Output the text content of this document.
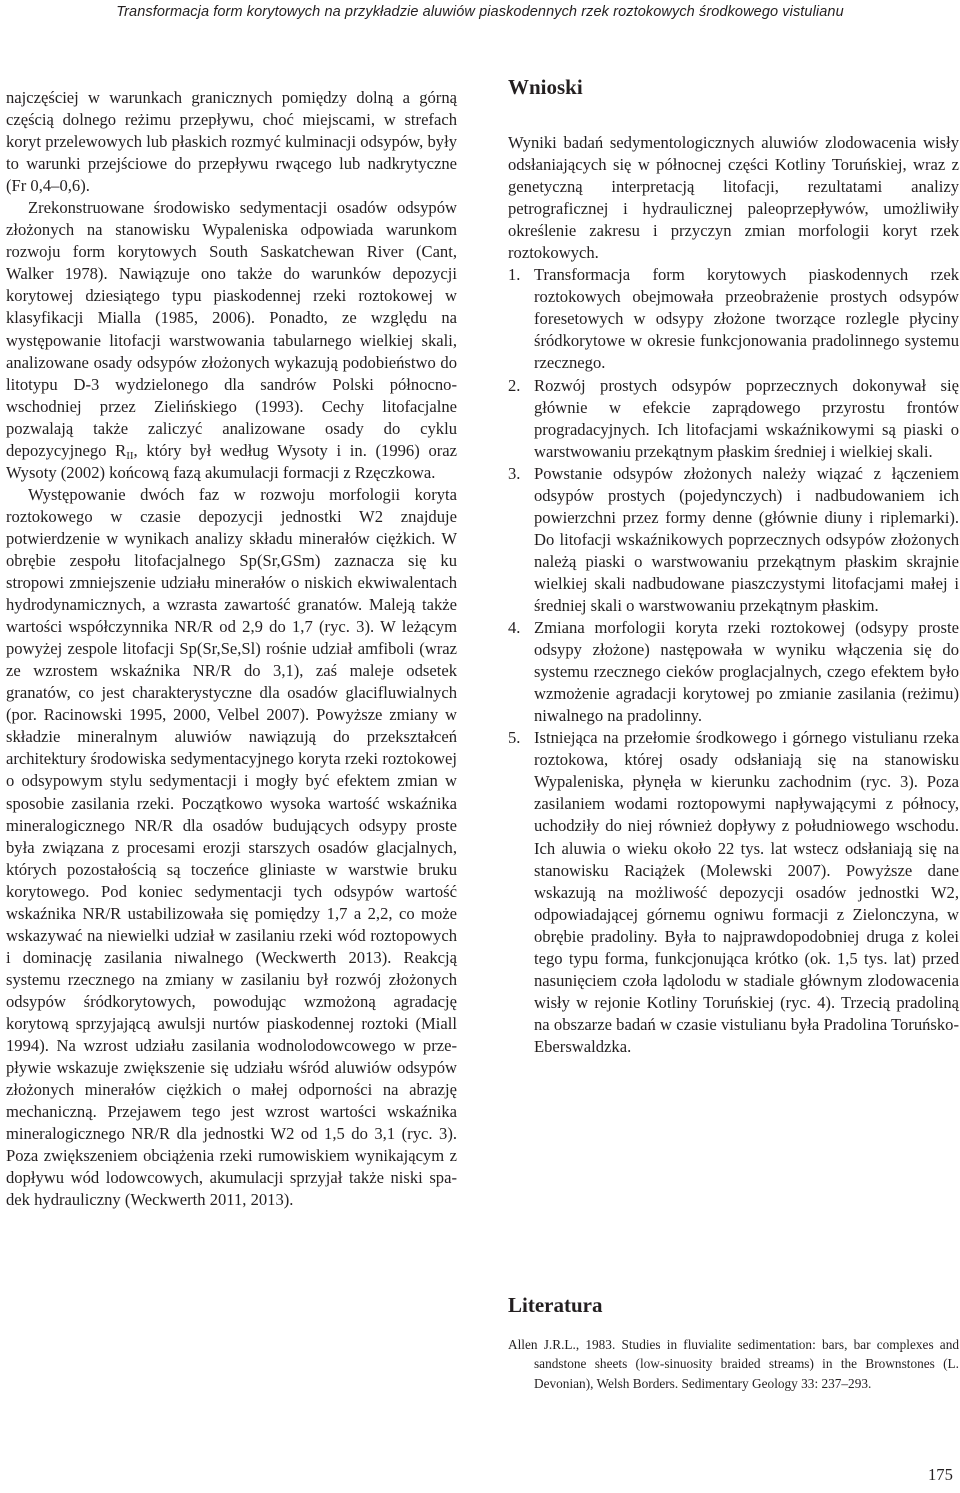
Transformacja form korytowych na przykładzie aluwiów piaskodennych rzek roztokowych środkowego vistulianu

najczęściej w warunkach granicznych pomiędzy dolną a górną częścią dolnego reżimu przepływu, choć miejscami, w strefach koryt przelewowych lub płaskich rozmyć kulminacji odsypów, były to warunki przejściowe do przepływu rwącego lub nadkrytyczne (Fr 0,4–0,6).

Zrekonstruowane środowisko sedymentacji osadów odsypów złożonych na stanowisku Wypaleniska odpowiada warunkom rozwoju form korytowych South Saskatchewan River (Cant, Walker 1978). Nawiązuje ono także do warunków depozycji korytowej dziesiątego typu piaskodennej rzeki roztokowej w klasyfikacji Mialla (1985, 2006). Ponadto, ze względu na występowanie litofacji warstwowania tabularnego wielkiej skali, analizowane osady odsypów złożonych wykazują podobieństwo do litotypu D-3 wydzielonego dla sandrów Polski północno-wschodniej przez Zielińskiego (1993). Cechy litofacjalne pozwalają także zaliczyć analizowane osady do cyklu depozycyjnego $R_{II}$, który był według Wysoty i in. (1996) oraz Wysoty (2002) końcową fazą akumulacji formacji z Rzęczkowa.

Występowanie dwóch faz w rozwoju morfologii koryta roztokowego w czasie depozycji jednostki W2 znajduje potwierdzenie w wynikach analizy składu minerałów ciężkich. W obrębie zespołu litofacjalnego Sp(Sr,GSm) zaznacza się ku stropowi zmniejszenie udziału minerałów o niskich ekwiwalentach hydrodynamicznych, a wzrasta zawartość granatów. Maleją także wartości współczynnika NR/R od 2,9 do 1,7 (ryc. 3). W leżącym powyżej zespole litofacji Sp(Sr,Se,Sl) rośnie udział amfiboli (wraz ze wzrostem wskaźnika NR/R do 3,1), zaś maleje odsetek granatów, co jest charakterystyczne dla osadów glacifluwialnych (por. Racinowski 1995, 2000, Velbel 2007). Powyższe zmiany w składzie mineralnym aluwiów nawiązują do przekształceń architektury środowiska sedymentacyjnego koryta rzeki roztokowej o odsypowym stylu sedymentacji i mogły być efektem zmian w sposobie zasilania rzeki. Początkowo wysoka wartość wskaźnika mineralogicznego NR/R dla osadów budujących odsypy proste była związana z procesami erozji starszych osadów glacjalnych, których pozostałością są toczeńce gliniaste w warstwie bruku korytowego. Pod koniec sedymentacji tych odsypów wartość wskaźnika NR/R ustabilizowała się pomiędzy 1,7 a 2,2, co może wskazywać na niewielki udział w zasilaniu rzeki wód roztopowych i dominację zasilania niwalnego (Weckwerth 2013). Reakcją systemu rzecznego na zmiany w zasilaniu był rozwój złożonych odsypów śródkorytowych, powodując wzmożoną agradację korytową sprzyjającą awulsji nurtów piaskodennej roztoki (Miall 1994). Na wzrost udziału zasilania wodnolodowcowego w przepływie wskazuje zwiększenie się udziału wśród aluwiów odsypów złożonych minerałów ciężkich o małej odporności na abrazję mechaniczną. Przejawem tego jest wzrost wartości wskaźnika mineralogicznego NR/R dla jednostki W2 od 1,5 do 3,1 (ryc. 3). Poza zwiększeniem obciążenia rzeki rumowiskiem wynikającym z dopływu wód lodowcowych, akumulacji sprzyjał także niski spadek hydrauliczny (Weckwerth 2011, 2013).

Wnioski

Wyniki badań sedymentologicznych aluwiów zlodowacenia wisły odsłaniających się w północnej części Kotliny Toruńskiej, wraz z genetyczną interpretacją litofacji, rezultatami analizy petrograficznej i hydraulicznej paleoprzepływów, umożliwiły określenie zakresu i przyczyn zmian morfologii koryt rzek roztokowych.

1. Transformacja form korytowych piaskodennych rzek roztokowych obejmowała przeobrażenie prostych odsypów foresetowych w odsypy złożone tworzące rozlegle płyciny śródkorytowe w okresie funkcjonowania pradolinnego systemu rzecznego.
2. Rozwój prostych odsypów poprzecznych dokonywał się głównie w efekcie zaprądowego przyrostu frontów progradacyjnych. Ich litofacjami wskaźnikowymi są piaski o warstwowaniu przekątnym płaskim średniej i wielkiej skali.
3. Powstanie odsypów złożonych należy wiązać z łączeniem odsypów prostych (pojedynczych) i nadbudowaniem ich powierzchni przez formy denne (głównie diuny i riplemarki). Do litofacji wskaźnikowych poprzecznych odsypów złożonych należą piaski o warstwowaniu przekątnym płaskim skrajnie wielkiej skali nadbudowane piaszczystymi litofacjami małej i średniej skali o warstwowaniu przekątnym płaskim.
4. Zmiana morfologii koryta rzeki roztokowej (odsypy proste odsypy złożone) następowała w wyniku włączenia się do systemu rzecznego cieków proglacjalnych, czego efektem było wzmożenie agradacji korytowej po zmianie zasilania (reżimu) niwalnego na pradolinny.
5. Istniejąca na przełomie środkowego i górnego vistulianu rzeka roztokowa, której osady odsłaniają się na stanowisku Wypaleniska, płynęła w kierunku zachodnim (ryc. 3). Poza zasilaniem wodami roztopowymi napływającymi z północy, uchodziły do niej również dopływy z południowego wschodu. Ich aluwia o wieku około 22 tys. lat wstecz odsłaniają się na stanowisku Raciążek (Molewski 2007). Powyższe dane wskazują na możliwość depozycji osadów jednostki W2, odpowiadającej górnemu ogniwu formacji z Zielonczyna, w obrębie pradoliny. Była to najprawdopodobniej druga z kolei tego typu forma, funkcjonująca krótko (ok. 1,5 tys. lat) przed nasunięciem czoła lądolodu w stadiale głównym zlodowacenia wisły w rejonie Kotliny Toruńskiej (ryc. 4). Trzecią pradoliną na obszarze badań w czasie vistulianu była Pradolina Toruńsko-Eberswaldzka.
Literatura

Allen J.R.L., 1983. Studies in fluvialite sedimentation: bars, bar complexes and sandstone sheets (low-sinuosity braided streams) in the Brownstones (L. Devonian), Welsh Borders. Sedimentary Geology 33: 237–293.

175
